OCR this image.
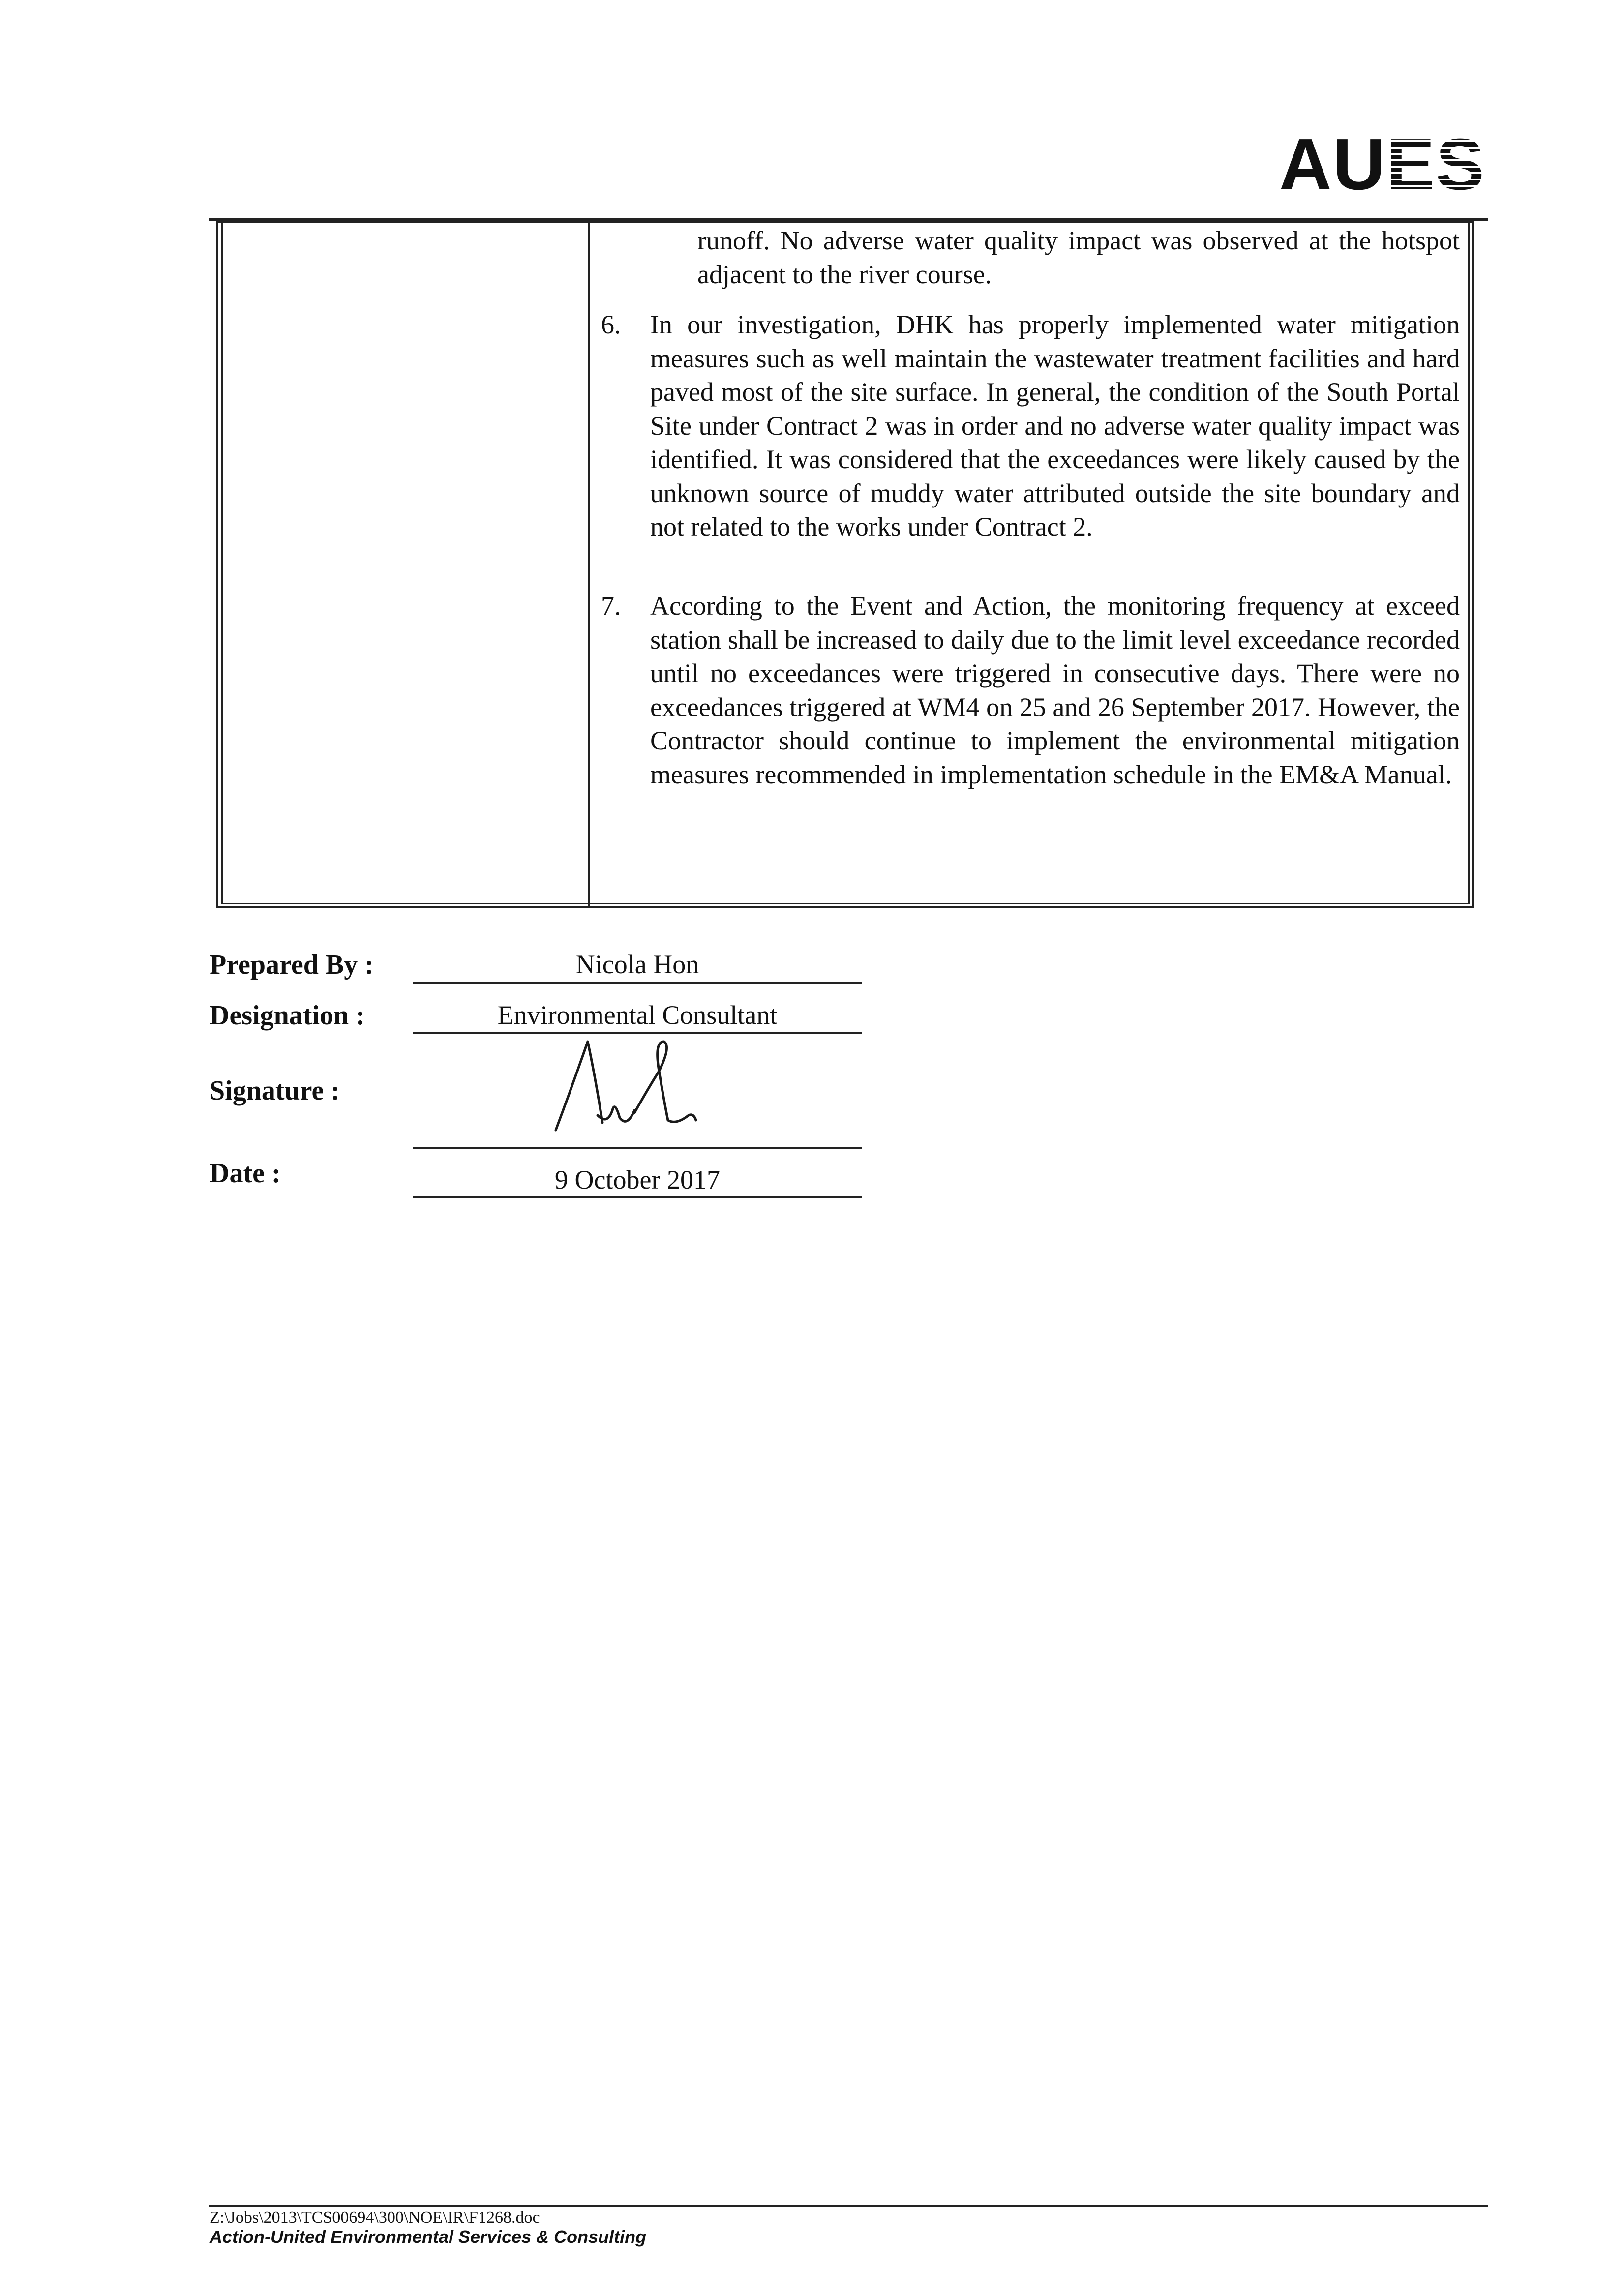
AUES

runoff. No adverse water quality impact was observed at the hotspot adjacent to the river course.

6.	In our investigation, DHK has properly implemented water mitigation measures such as well maintain the wastewater treatment facilities and hard paved most of the site surface. In general, the condition of the South Portal Site under Contract 2 was in order and no adverse water quality impact was identified. It was considered that the exceedances were likely caused by the unknown source of muddy water attributed outside the site boundary and not related to the works under Contract 2.

7.	According to the Event and Action, the monitoring frequency at exceed station shall be increased to daily due to the limit level exceedance recorded until no exceedances were triggered in consecutive days. There were no exceedances triggered at WM4 on 25 and 26 September 2017. However, the Contractor should continue to implement the environmental mitigation measures recommended in implementation schedule in the EM&A Manual.

Prepared By :	Nicola Hon
Designation :	Environmental Consultant
Signature :
Date :	9 October 2017
Z:\Jobs\2013\TCS00694\300\NOE\IR\F1268.doc
Action-United Environmental Services & Consulting
